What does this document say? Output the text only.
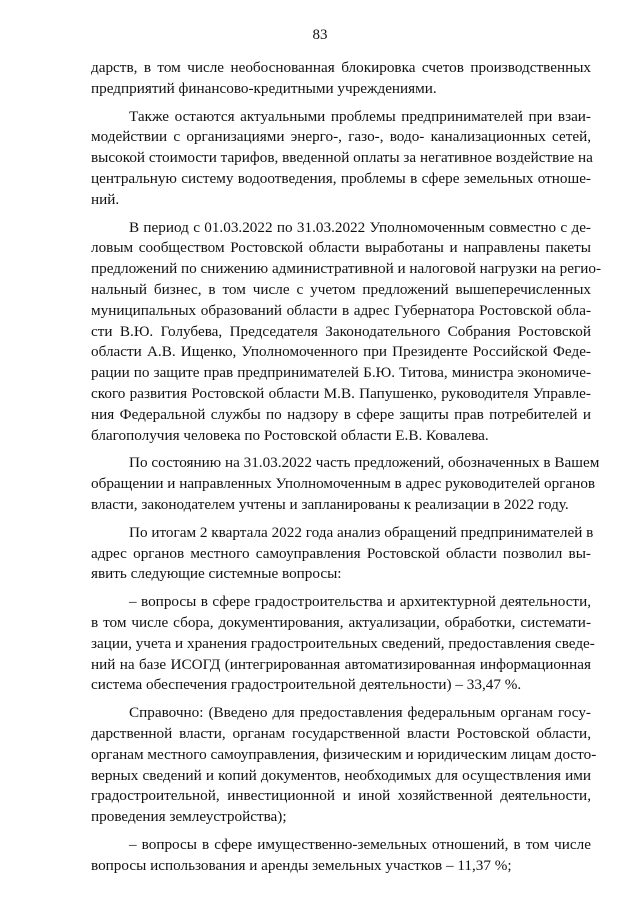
83
дарств, в том числе необоснованная блокировка счетов производственных
предприятий финансово-кредитными учреждениями.
Также остаются актуальными проблемы предпринимателей при взаи-
модействии с организациями энерго-, газо-, водо- канализационных сетей,
высокой стоимости тарифов, введенной оплаты за негативное воздействие на
центральную систему водоотведения, проблемы в сфере земельных отноше-
ний.
В период с 01.03.2022 по 31.03.2022 Уполномоченным совместно с де-
ловым сообществом Ростовской области выработаны и направлены пакеты
предложений по снижению административной и налоговой нагрузки на регио-
нальный бизнес, в том числе с учетом предложений вышеперечисленных
муниципальных образований области в адрес Губернатора Ростовской обла-
сти В.Ю. Голубева, Председателя Законодательного Собрания Ростовской
области А.В. Ищенко, Уполномоченного при Президенте Российской Феде-
рации по защите прав предпринимателей Б.Ю. Титова, министра экономиче-
ского развития Ростовской области М.В. Папушенко, руководителя Управле-
ния Федеральной службы по надзору в сфере защиты прав потребителей и
благополучия человека по Ростовской области Е.В. Ковалева.
По состоянию на 31.03.2022 часть предложений, обозначенных в Вашем
обращении и направленных Уполномоченным в адрес руководителей органов
власти, законодателем учтены и запланированы к реализации в 2022 году.
По итогам 2 квартала 2022 года анализ обращений предпринимателей в
адрес органов местного самоуправления Ростовской области позволил вы-
явить следующие системные вопросы:
– вопросы в сфере градостроительства и архитектурной деятельности,
в том числе сбора, документирования, актуализации, обработки, системати-
зации, учета и хранения градостроительных сведений, предоставления сведе-
ний на базе ИСОГД (интегрированная автоматизированная информационная
система обеспечения градостроительной деятельности) – 33,47 %.
Справочно: (Введено для предоставления федеральным органам госу-
дарственной власти, органам государственной власти Ростовской области,
органам местного самоуправления, физическим и юридическим лицам досто-
верных сведений и копий документов, необходимых для осуществления ими
градостроительной, инвестиционной и иной хозяйственной деятельности,
проведения землеустройства);
– вопросы в сфере имущественно-земельных отношений, в том числе
вопросы использования и аренды земельных участков – 11,37 %;
